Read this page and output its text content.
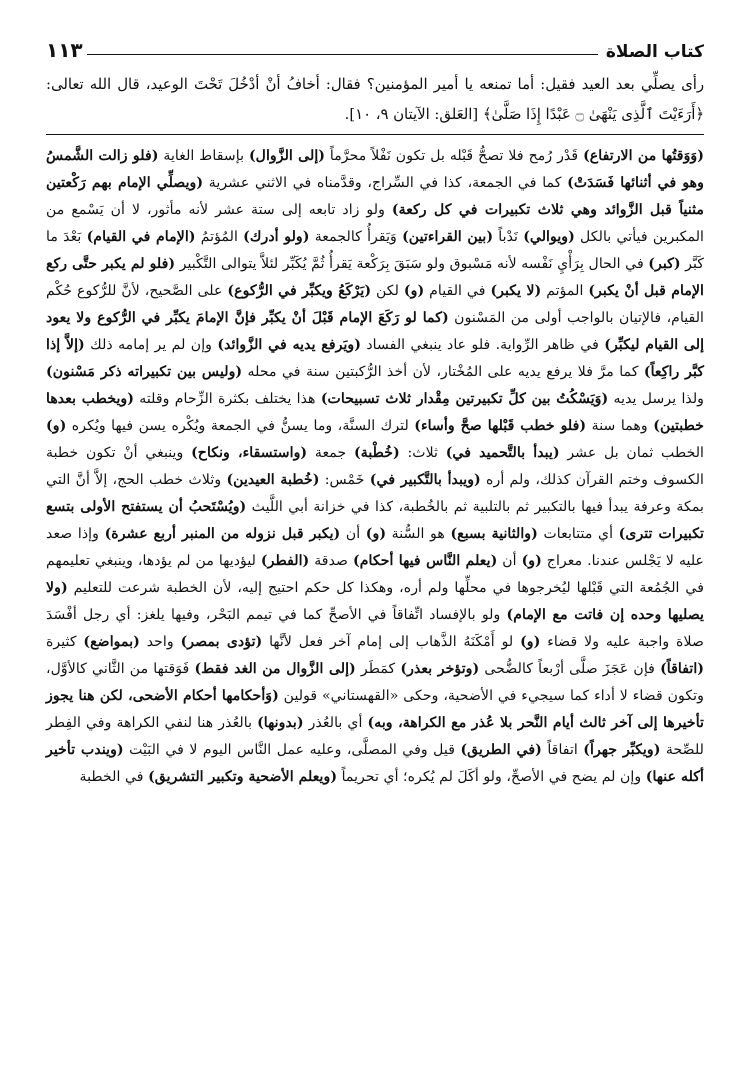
كتاب الصلاة
١١٣
رأى يصلِّي بعد العيد فقيل: أما تمنعه يا أمير المؤمنين؟ فقال: أخافُ أنْ أدْخُلَ تَحْتَ الوعيد، قال الله تعالى: ﴿أَرَءَيْتَ ٱلَّذِى يَنْهَىٰ ۝ عَبْدًا إِذَا صَلَّىٰ﴾ [العَلق: الآيتان ٩، ١٠].

(وَوَقتُها من الارتفاع) قَدْر رُمح فلا تصحُّ قَبْله بل تكون نَفْلاً محرَّماً (إلى الزَّوال) بإسقاط الغاية (فلو زالت الشَّمسُ وهو في أثنائها فَسَدَتْ) كما في الجمعة، كذا في السِّراج، وقدَّمناه في الاثني عشرية (ويصلِّي الإمام بهم رَكْعتين مثنياً قبل الزَّوائد وهي ثلاث تكبيرات في كل ركعة) ولو زاد تابعه إلى ستة عشر لأنه مأثور، لا أن يَسْمع من المكبرين فيأتي بالكل (ويوالي) نَدْباً (بين القراءتين) وَيَقرأُ كالجمعة (ولو أدرك) المُؤتمُ (الإمام في القيام) بَعْدَ ما كَبَّر (كبر) في الحال بِرَأْيِ نَفْسه لأنه مَسْبوق ولو سَبَقَ بِرَكْعة يَقرأُ ثُمَّ يُكَبِّر لئلاَّ يتوالى التَّكْبير (فلو لم يكبر حتَّى ركع الإمام قبل أنْ يكبر) المؤتم (لا يكبر) في القيام (و) لكن (يَرْكَعُ ويكبِّر في الرُّكوع) على الصَّحيح، لأنَّ للرُّكوع حُكْم القيام، فالإتيان بالواجب أولى من المَسْنون (كما لو رَكَعَ الإمام قَبْلَ أنْ يكبِّر فإنَّ الإمامَ يكبِّر في الرُّكوع ولا يعود إلى القيام ليكبِّر) في ظاهر الرِّواية. فلو عاد ينبغي الفساد (ويَرفع يديه في الزَّوائد) وإن لم ير إمامه ذلك (إلاَّ إذا كبَّر راكِعاً) كما مرَّ فلا يرفع يديه على المُخْتار، لأن أخذ الرُّكبتين سنة في محله (وليس بين تكبيراته ذكر مَسْنون) ولذا يرسل يديه (وَيَسْكُتُ بين كلِّ تكبيرتين مِقْدار ثلاث تسبيحات) هذا يختلف بكثرة الزِّحام وقلته (ويخطب بعدها خطبتين) وهما سنة (فلو خطب قَبْلها صحَّ وأساء) لترك السنَّة، وما يسنُّ في الجمعة ويُكْره يسن فيها ويُكره (و) الخطب ثمان بل عشر (يبدأ بالتَّحميد في) ثلاث: (خُطْبة) جمعة (واستسقاء، ونكاح) وينبغي أنْ تكون خطبة الكسوف وختم القرآن كذلك، ولم أره (ويبدأ بالتَّكبير في) خَمْس: (خُطبة العيدين) وثلاث خطب الحج، إلاَّ أنَّ التي بمكة وعرفة يبدأ فيها بالتكبير ثم بالتلبية ثم بالخُطبة، كذا في خزانة أبي اللَّيث (ويُسْتَحبُ أن يستفتح الأولى بتسع تكبيرات تترى) أي متتابعات (والثانية بسبع) هو السُّنة (و) أن (يكبر قبل نزوله من المنبر أربع عشرة) وإذا صعد عليه لا يَجْلس عندنا. معراج (و) أن (يعلم النَّاس فيها أحكام) صدقة (الفطر) ليؤديها من لم يؤدها، وينبغي تعليمهم في الجُمُعة التي قَبْلها ليُخرجوها في محلِّها ولم أره، وهكذا كل حكم احتيج إليه، لأن الخطبة شرعت للتعليم (ولا يصليها وحده إن فاتت مع الإمام) ولو بالإفساد اتِّفاقاً في الأصحِّ كما في تيمم البَحْر، وفيها يلغز: أي رجل أفْسَدَ صلاة واجبة عليه ولا قضاء (و) لو أَمْكَنَهُ الذَّهاب إلى إمام آخر فعل لأنَّها (تؤدى بمصر) واحد (بمواضع) كثيرة (اتفاقاً) فإن عَجَزَ صلَّى أرْبعاً كالضُّحى (وتؤخر بعذر) كمَطَر (إلى الزَّوال من الغد فقط) فَوَقتها من الثَّاني كالأوَّل، وتكون قضاء لا أداء كما سيجيء في الأضحية، وحكى «القهستاني» قولين (وَأحكامها أحكام الأضحى، لكن هنا يجوز تأخيرها إلى آخر ثالث أيام النَّحر بلا عُذر مع الكراهة، وبه) أي بالعُذر (بدونها) بالعُذر هنا لنفي الكراهة وفي الفِطر للصِّحة (ويكبِّر جهراً) اتفاقاً (في الطريق) قيل وفي المصلَّى، وعليه عمل النَّاس اليوم لا في البَيْت (ويندب تأخير أكله عنها) وإن لم يضح في الأصحِّ، ولو أكَلَ لم يُكره؛ أي تحريماً (ويعلم الأضحية وتكبير التشريق) في الخطبة
